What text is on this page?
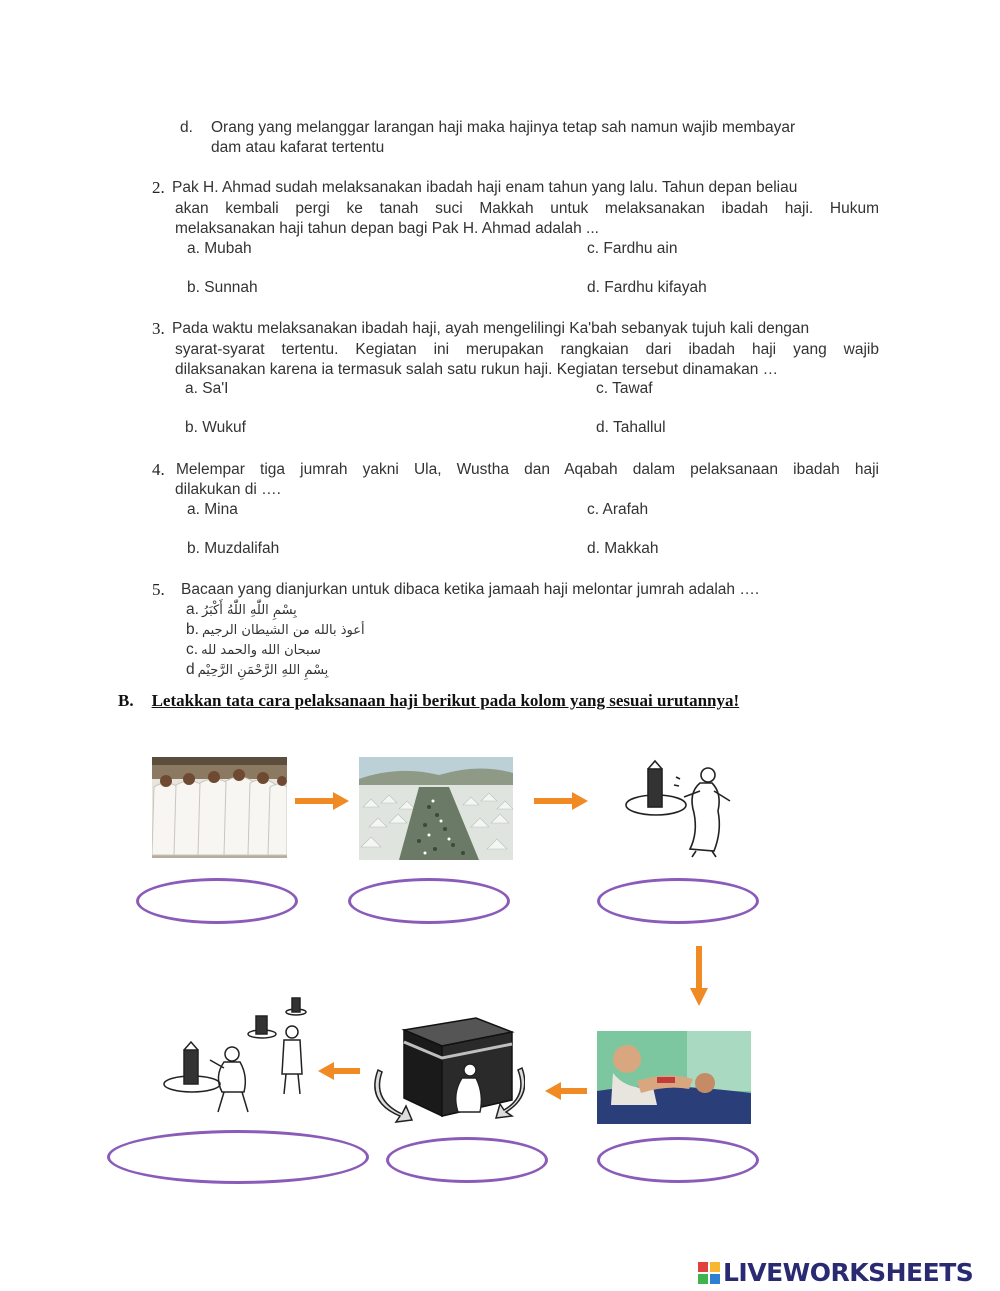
d. Orang yang melanggar larangan haji maka hajinya tetap sah namun wajib membayar
dam atau kafarat tertentu
2. Pak H. Ahmad sudah melaksanakan ibadah haji enam tahun yang lalu. Tahun depan beliau
akan kembali pergi ke tanah suci Makkah untuk melaksanakan ibadah haji. Hukum
melaksanakan haji tahun depan bagi Pak H. Ahmad adalah ...
a. Mubah	c. Fardhu ain
b. Sunnah	d. Fardhu kifayah
3. Pada waktu melaksanakan ibadah haji, ayah mengelilingi Ka'bah sebanyak tujuh kali dengan
syarat-syarat tertentu. Kegiatan ini merupakan rangkaian dari ibadah haji yang wajib
dilaksanakan karena ia termasuk salah satu rukun haji. Kegiatan tersebut dinamakan …
a. Sa'I	c. Tawaf
b. Wukuf	d. Tahallul
4. Melempar tiga jumrah yakni Ula, Wustha dan Aqabah dalam pelaksanaan ibadah haji
dilakukan di ….
a. Mina	c. Arafah
b. Muzdalifah	d. Makkah
5. Bacaan yang dianjurkan untuk dibaca ketika jamaah haji melontar jumrah adalah ….
a. بِسْمِ اللّٰهِ اللّٰهُ أَكْبَرُ
b. أعوذ بالله من الشيطان الرجيم
c. سبحان الله والحمد لله
d بِسْمِ اللهِ الرَّحْمَنِ الرَّحِيْم
B. Letakkan tata cara pelaksanaan haji berikut pada kolom yang sesuai urutannya!
LIVEWORKSHEETS
